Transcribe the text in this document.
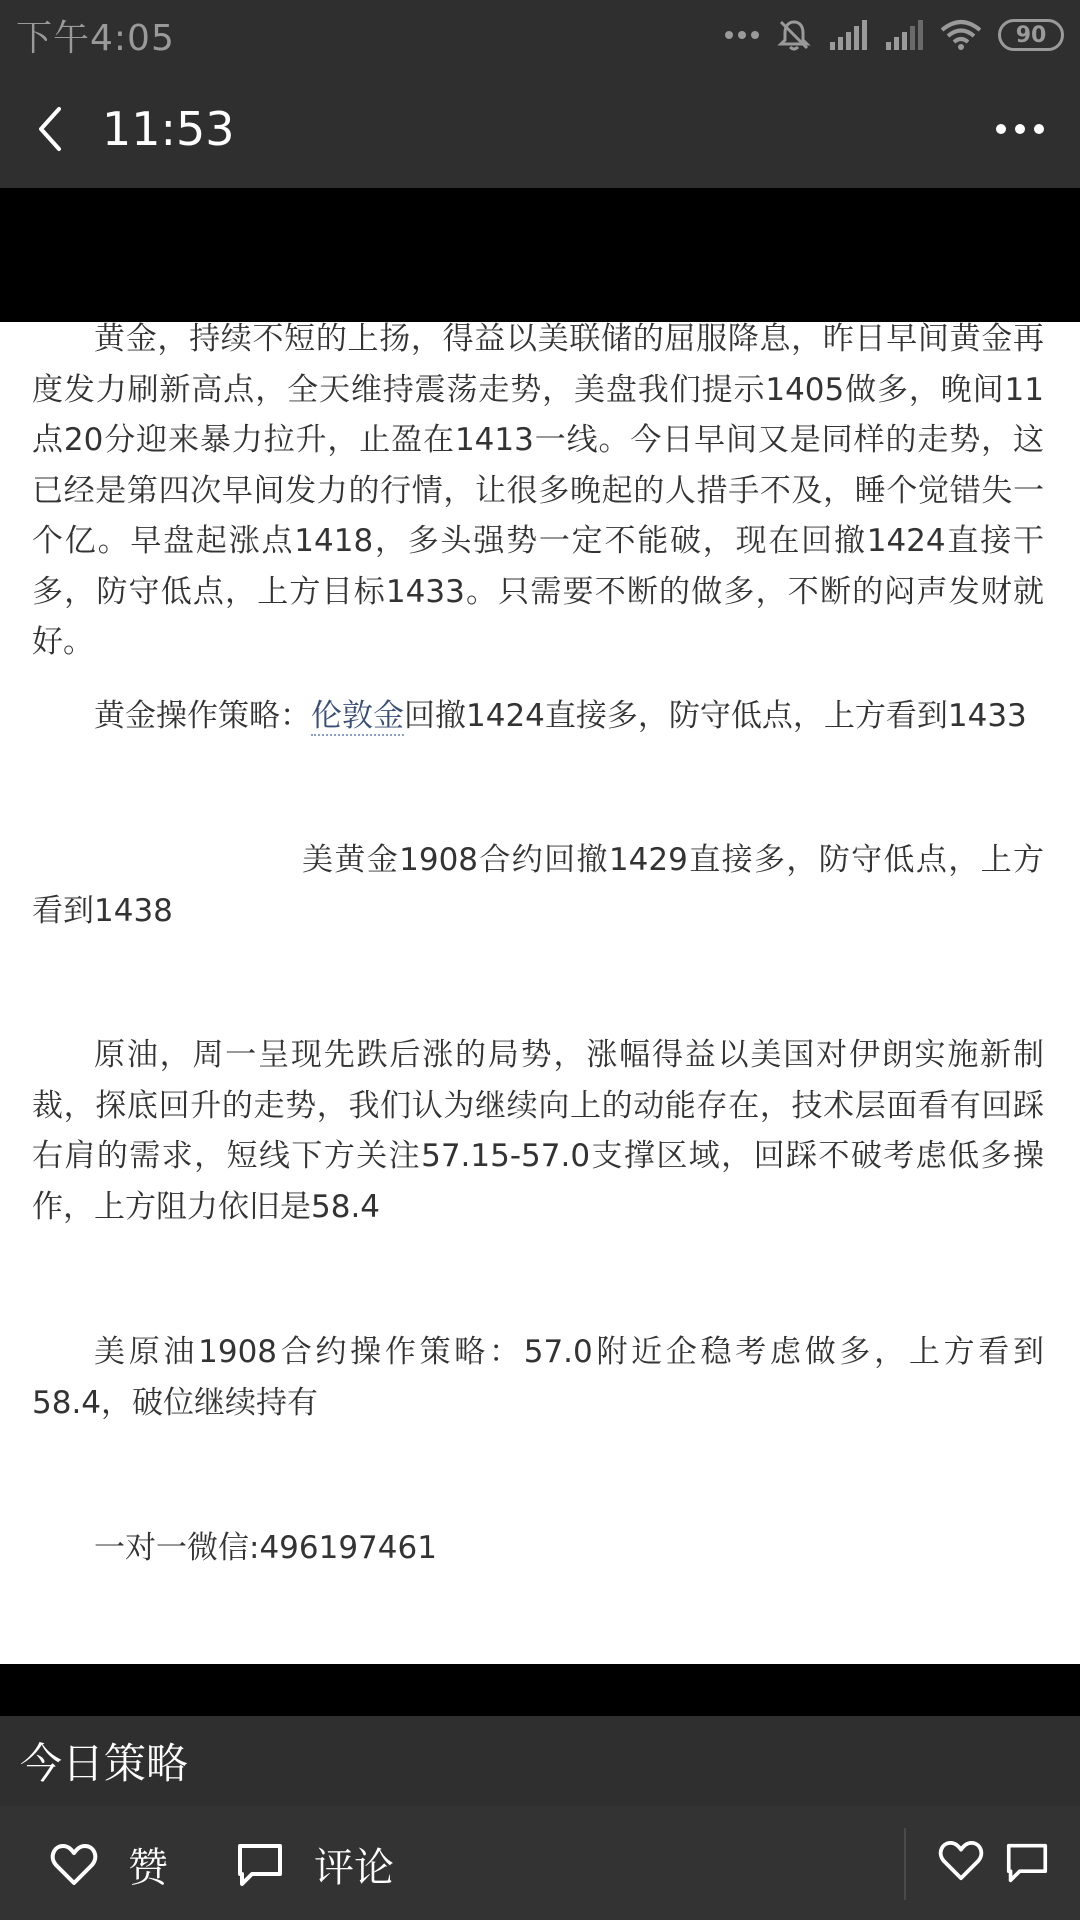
下午4:05	90
11:53

黄金，持续不短的上扬，得益以美联储的屈服降息，昨日早间黄金再度发力刷新高点，全天维持震荡走势，美盘我们提示1405做多，晚间11点20分迎来暴力拉升，止盈在1413一线。今日早间又是同样的走势，这已经是第四次早间发力的行情，让很多晚起的人措手不及，睡个觉错失一个亿。早盘起涨点1418，多头强势一定不能破，现在回撤1424直接干多，防守低点，上方目标1433。只需要不断的做多，不断的闷声发财就好。

黄金操作策略：伦敦金回撤1424直接多，防守低点，上方看到1433

美黄金1908合约回撤1429直接多，防守低点，上方看到1438

原油，周一呈现先跌后涨的局势，涨幅得益以美国对伊朗实施新制裁，探底回升的走势，我们认为继续向上的动能存在，技术层面看有回踩右肩的需求，短线下方关注57.15-57.0支撑区域，回踩不破考虑低多操作，上方阻力依旧是58.4

美原油1908合约操作策略：57.0附近企稳考虑做多，上方看到58.4，破位继续持有

一对一微信:496197461

今日策略
赞	评论
